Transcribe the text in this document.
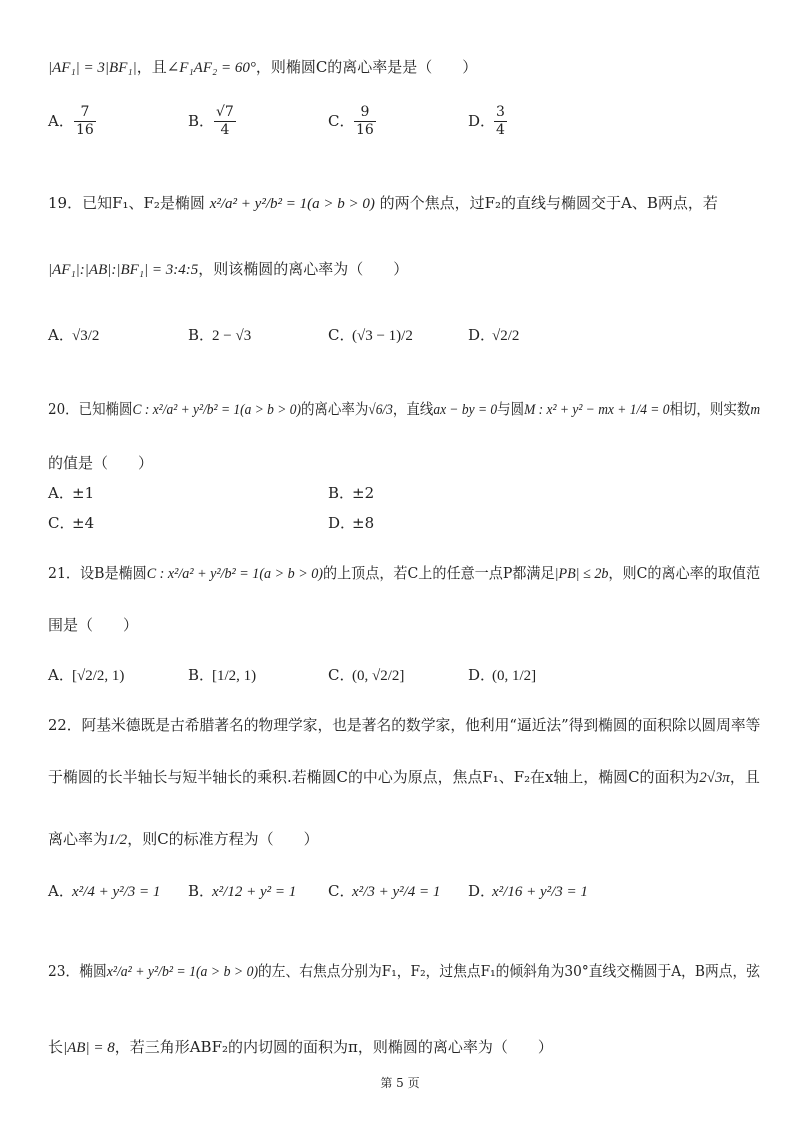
|AF₁| = 3|BF₁|，且∠F₁AF₂ = 60°，则椭圆C的离心率是是（　　）
A． $\frac{7}{16}$	B． $\frac{√7}{4}$	C． $\frac{9}{16}$	D．
$\frac{3}{4}$
19．已知F₁、F₂是椭圆 x²/a² + y²/b² = 1(a > b > 0) 的两个焦点，过F₂的直线与椭圆交于A、B两点，若
|AF₁|:|AB|:|BF₁| = 3:4:5，则该椭圆的离心率为（　　）
A．√3/2	B．2 − √3	C．(√3 − 1)/2	D．√2/2
20．已知椭圆C : x²/a² + y²/b² = 1(a > b > 0)的离心率为√6/3，直线ax − by = 0与圆M : x² + y² − mx + 1/4 = 0相切，则实数m
的值是（　　）
A．±1	B．±2
C．±4	D．±8
21．设B是椭圆C : x²/a² + y²/b² = 1(a > b > 0)的上顶点，若C上的任意一点P都满足|PB| ≤ 2b，则C的离心率的取值范
围是（　　）
A．[√2/2, 1)	B．[1/2, 1)	C．(0, √2/2]	D．(0, 1/2]
22．阿基米德既是古希腊著名的物理学家，也是著名的数学家，他利用“逼近法”得到椭圆的面积除以圆周率等
于椭圆的长半轴长与短半轴长的乘积.若椭圆C的中心为原点，焦点F₁、F₂在x轴上，椭圆C的面积为2√3π，且
离心率为1/2，则C的标准方程为（　　）
A．x²/4 + y²/3 = 1 B．x²/12 + y² = 1 C．x²/3 + y²/4 = 1 D．x²/16 + y²/3 = 1
23．椭圆x²/a² + y²/b² = 1(a > b > 0)的左、右焦点分别为F₁，F₂，过焦点F₁的倾斜角为30°直线交椭圆于A，B两点，弦
长|AB| = 8，若三角形ABF₂的内切圆的面积为π，则椭圆的离心率为（　　）
第 5 页
